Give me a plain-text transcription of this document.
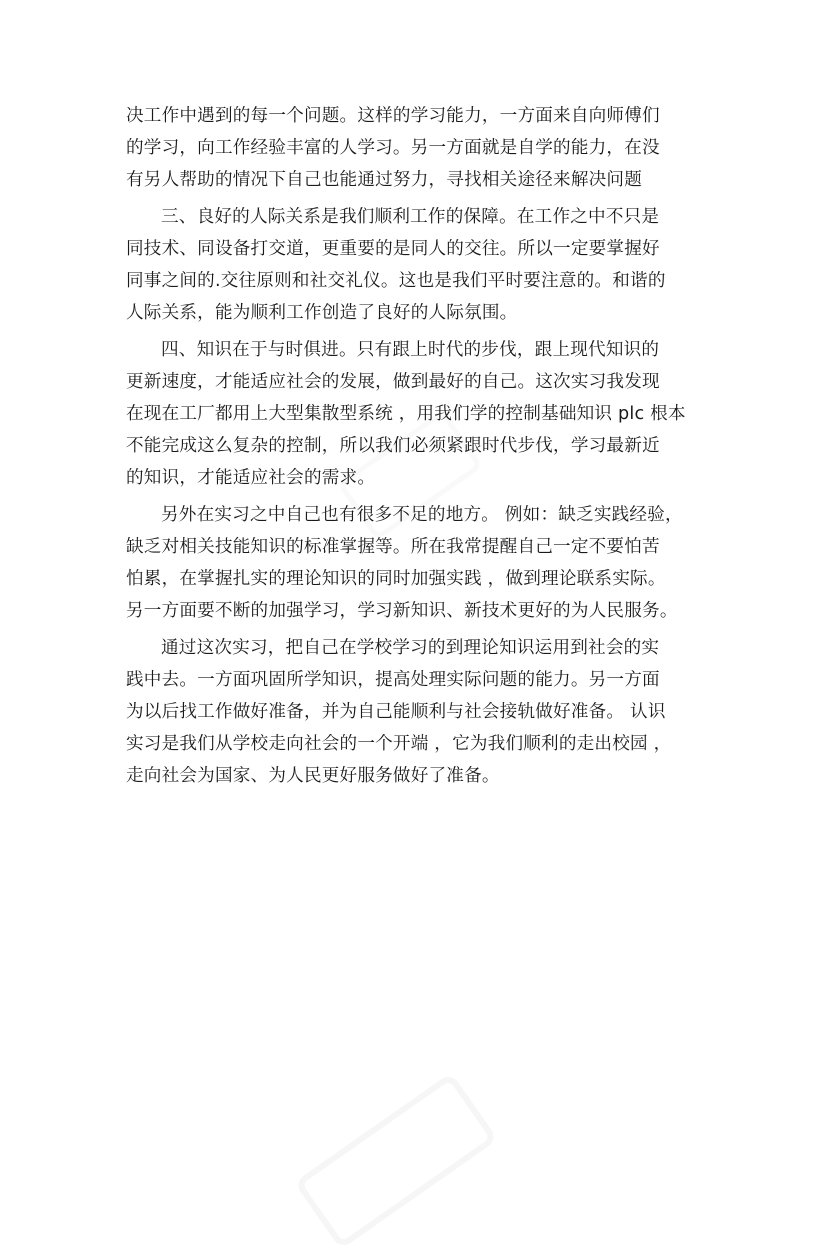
决工作中遇到的每一个问题。这样的学习能力，一方面来自向师傅们
的学习，向工作经验丰富的人学习。另一方面就是自学的能力，在没
有另人帮助的情况下自己也能通过努力，寻找相关途径来解决问题

三、良好的人际关系是我们顺利工作的保障。在工作之中不只是
同技术、同设备打交道，更重要的是同人的交往。所以一定要掌握好
同事之间的.交往原则和社交礼仪。这也是我们平时要注意的。和谐的
人际关系，能为顺利工作创造了良好的人际氛围。

四、知识在于与时俱进。只有跟上时代的步伐，跟上现代知识的
更新速度，才能适应社会的发展，做到最好的自己。这次实习我发现
在现在工厂都用上大型集散型系统 ，用我们学的控制基础知识 plc 根本
不能完成这么复杂的控制，所以我们必须紧跟时代步伐，学习最新近
的知识，才能适应社会的需求。

另外在实习之中自己也有很多不足的地方。 例如：缺乏实践经验，
缺乏对相关技能知识的标准掌握等。所在我常提醒自己一定不要怕苦
怕累，在掌握扎实的理论知识的同时加强实践 ，做到理论联系实际。
另一方面要不断的加强学习，学习新知识、新技术更好的为人民服务。

通过这次实习，把自己在学校学习的到理论知识运用到社会的实
践中去。一方面巩固所学知识，提高处理实际问题的能力。另一方面
为以后找工作做好准备，并为自己能顺利与社会接轨做好准备。 认识
实习是我们从学校走向社会的一个开端 ，它为我们顺利的走出校园 ，
走向社会为国家、为人民更好服务做好了准备。
